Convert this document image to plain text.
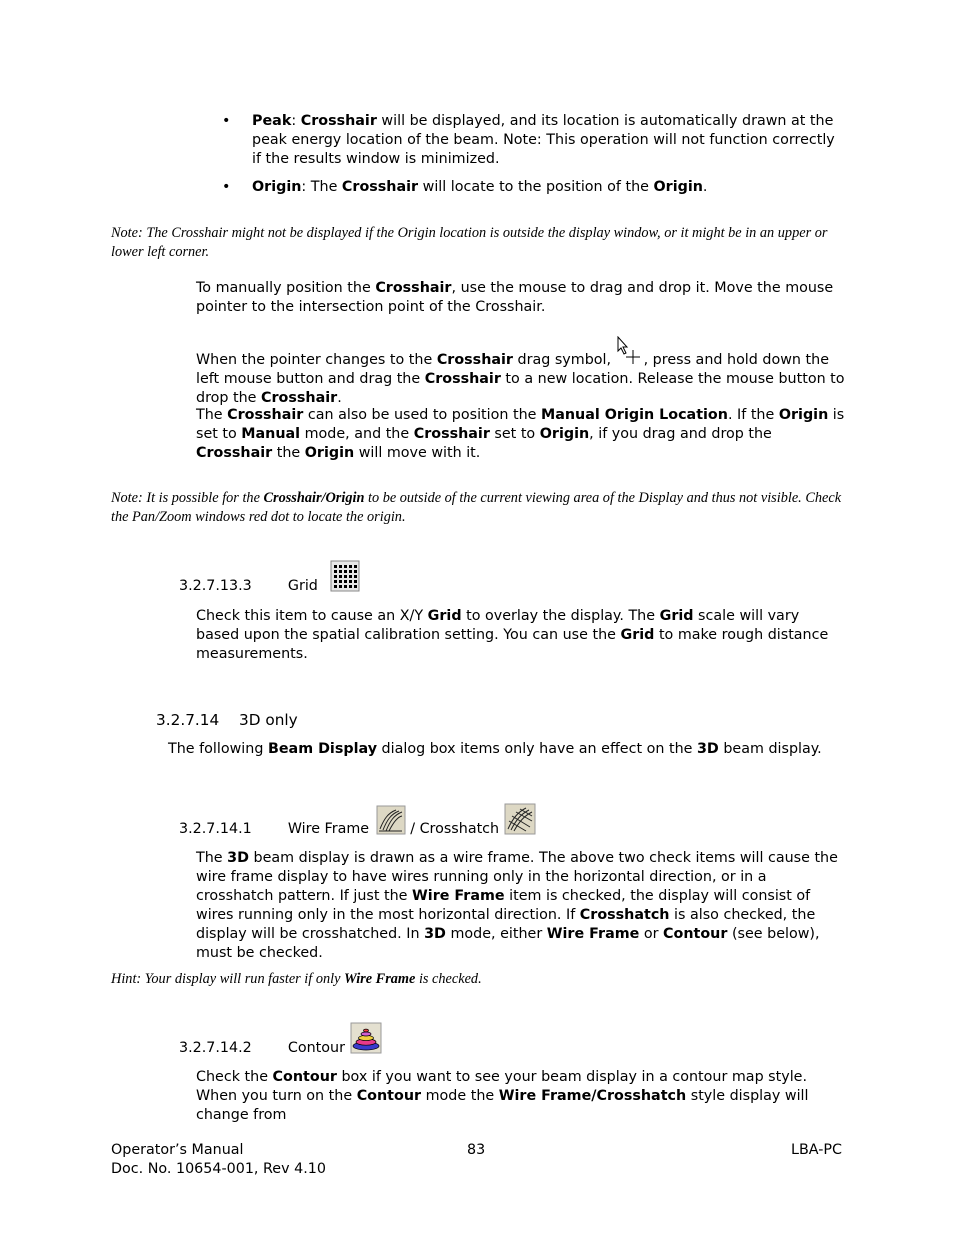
• Peak: Crosshair will be displayed, and its location is automatically drawn at the peak energy location of the beam. Note: This operation will not function correctly if the results window is minimized.
• Origin: The Crosshair will locate to the position of the Origin.
Note: The Crosshair might not be displayed if the Origin location is outside the display window, or it might be in an upper or lower left corner.
To manually position the Crosshair, use the mouse to drag and drop it. Move the mouse pointer to the intersection point of the Crosshair.
When the pointer changes to the Crosshair drag symbol, , press and hold down the left mouse button and drag the Crosshair to a new location. Release the mouse button to drop the Crosshair.
The Crosshair can also be used to position the Manual Origin Location. If the Origin is set to Manual mode, and the Crosshair set to Origin, if you drag and drop the Crosshair the Origin will move with it.
Note: It is possible for the Crosshair/Origin to be outside of the current viewing area of the Display and thus not visible. Check the Pan/Zoom windows red dot to locate the origin.
3.2.7.13.3	Grid
Check this item to cause an X/Y Grid to overlay the display. The Grid scale will vary based upon the spatial calibration setting. You can use the Grid to make rough distance measurements.
3.2.7.14 3D only
The following Beam Display dialog box items only have an effect on the 3D beam display.
3.2.7.14.1	Wire Frame	/ Crosshatch
The 3D beam display is drawn as a wire frame. The above two check items will cause the wire frame display to have wires running only in the horizontal direction, or in a crosshatch pattern. If just the Wire Frame item is checked, the display will consist of wires running only in the most horizontal direction. If Crosshatch is also checked, the display will be crosshatched. In 3D mode, either Wire Frame or Contour (see below), must be checked.
Hint: Your display will run faster if only Wire Frame is checked.
3.2.7.14.2	Contour
Check the Contour box if you want to see your beam display in a contour map style. When you turn on the Contour mode the Wire Frame/Crosshatch style display will change from
Operator’s Manual
Doc. No. 10654-001, Rev 4.10
83	LBA-PC
